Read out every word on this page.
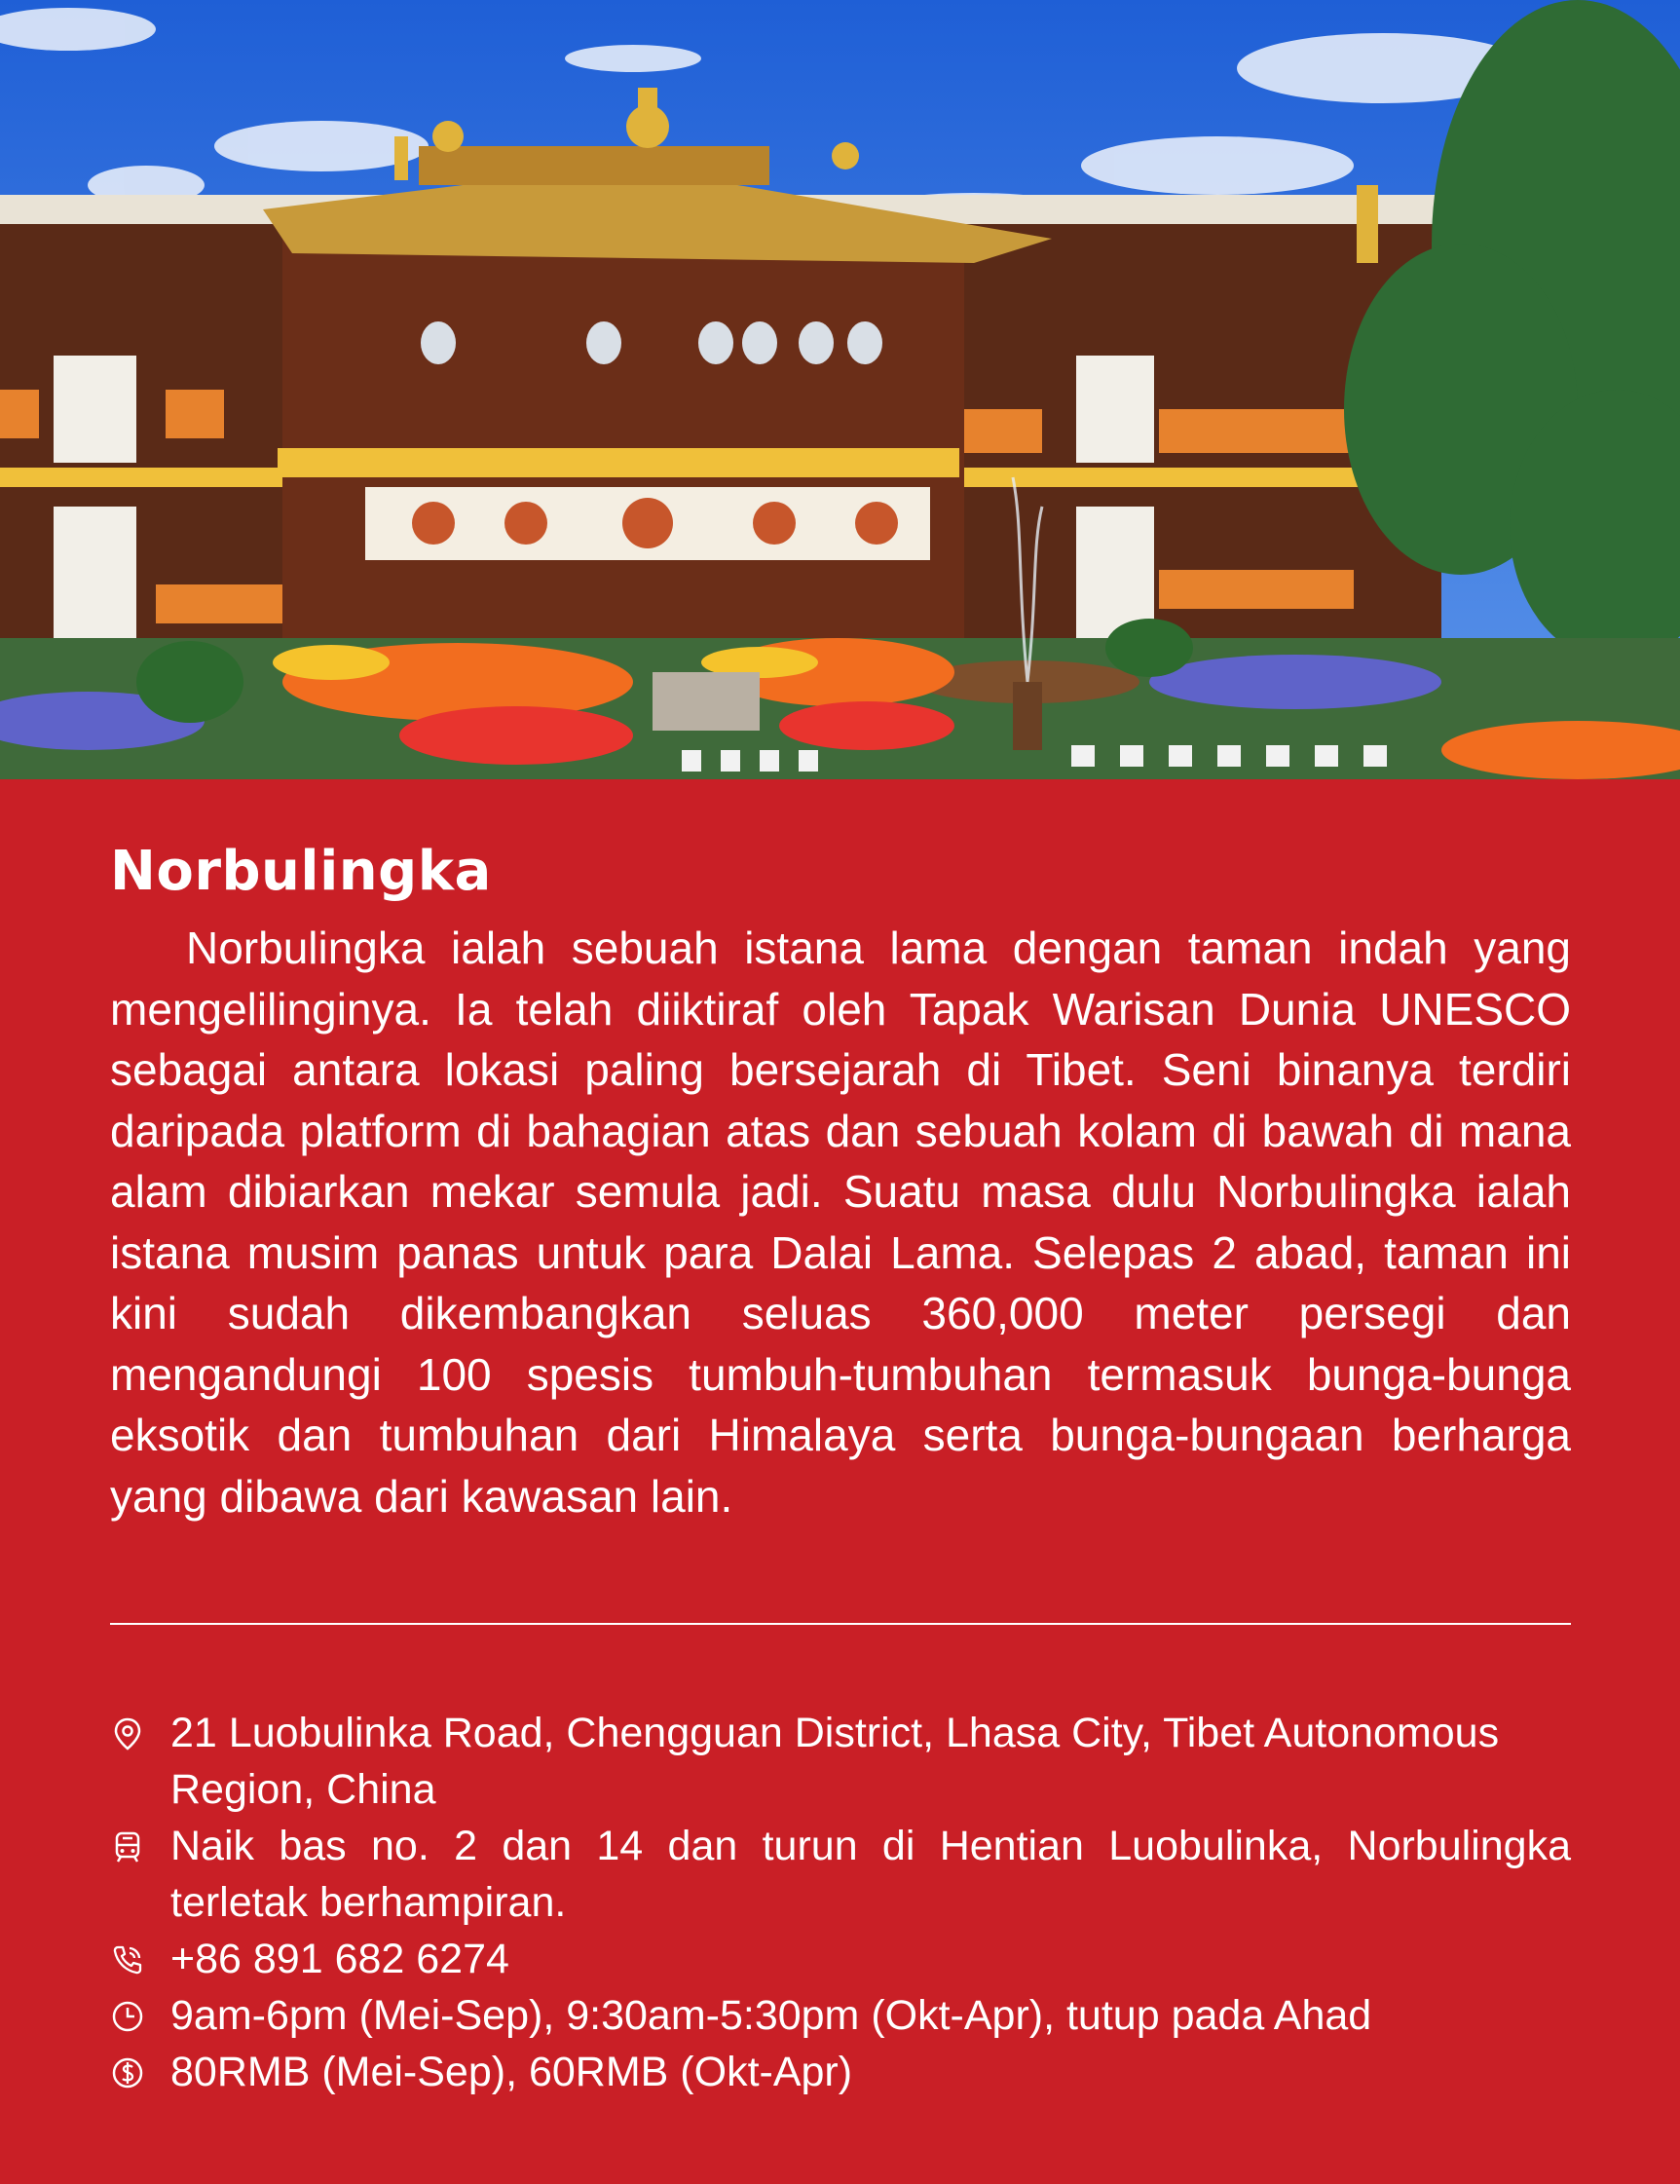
Norbulingka

Norbulingka ialah sebuah istana lama dengan taman indah yang mengelilinginya. Ia telah diiktiraf oleh Tapak Warisan Dunia UNESCO sebagai antara lokasi paling bersejarah di Tibet. Seni binanya terdiri daripada platform di bahagian atas dan sebuah kolam di bawah di mana alam dibiarkan mekar semula jadi. Suatu masa dulu Norbulingka ialah istana musim panas untuk para Dalai Lama. Selepas 2 abad, taman ini kini sudah dikembangkan seluas 360,000 meter persegi dan mengandungi 100 spesis tumbuh-tumbuhan termasuk bunga-bunga eksotik dan tumbuhan dari Himalaya serta bunga-bungaan berharga yang dibawa dari kawasan lain.

21 Luobulinka Road, Chengguan District, Lhasa City, Tibet Autonomous Region, China
Naik bas no. 2 dan 14 dan turun di Hentian Luobulinka, Norbulingka terletak berhampiran.
+86 891 682 6274
9am-6pm (Mei-Sep), 9:30am-5:30pm (Okt-Apr), tutup pada Ahad
80RMB (Mei-Sep), 60RMB (Okt-Apr)
